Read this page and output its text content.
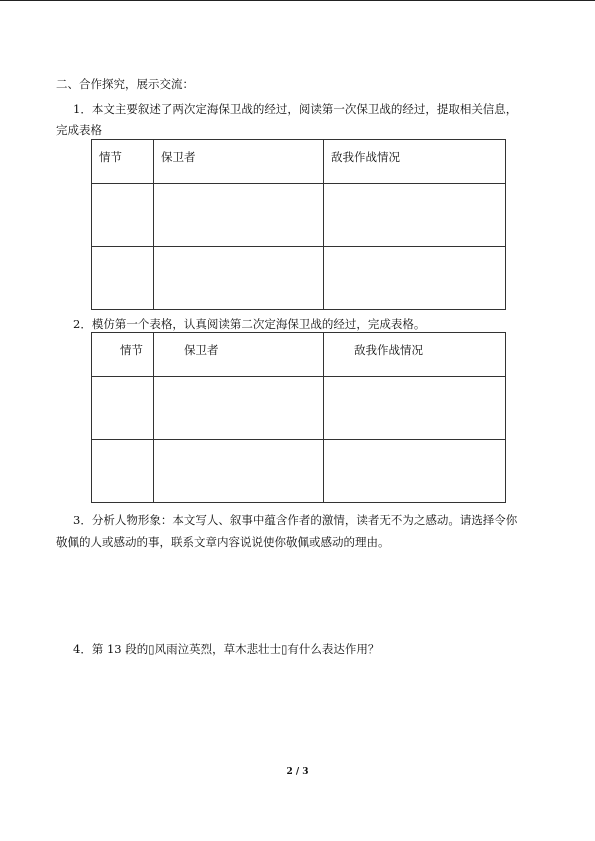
二、合作探究，展示交流：
1．本文主要叙述了两次定海保卫战的经过，阅读第一次保卫战的经过，提取相关信息，
完成表格
情节	保卫者	敌我作战情况

2．模仿第一个表格，认真阅读第二次定海保卫战的经过，完成表格。
情节	保卫者	敌我作战情况

3．分析人物形象：本文写人、叙事中蕴含作者的激情，读者无不为之感动。请选择令你
敬佩的人或感动的事，联系文章内容说说使你敬佩或感动的理由。
4．第 13 段的▯风雨泣英烈，草木悲壮士▯有什么表达作用？
2 / 3
